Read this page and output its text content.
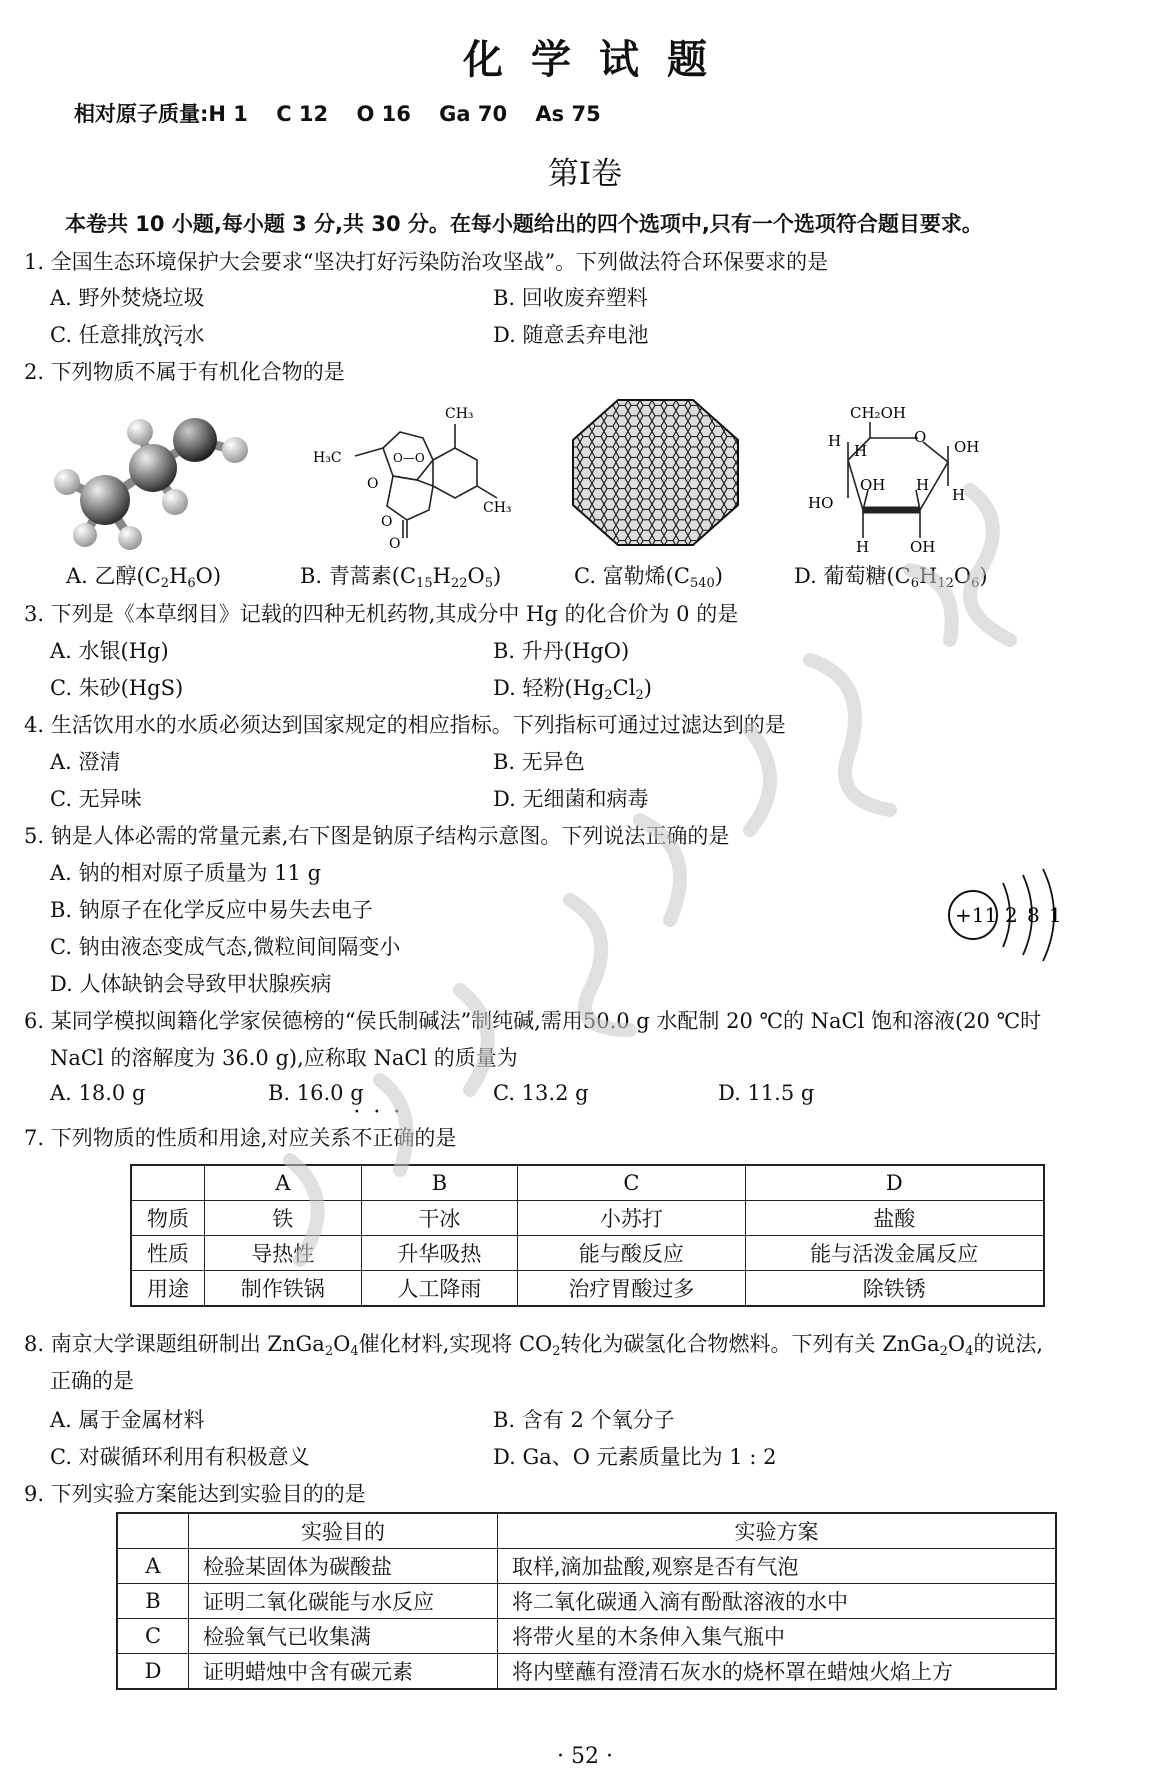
化 学 试 题
相对原子质量:H 1　 C 12　 O 16　 Ga 70　 As 75
第Ⅰ卷
本卷共 10 小题,每小题 3 分,共 30 分。在每小题给出的四个选项中,只有一个选项符合题目要求。
1. 全国生态环境保护大会要求“坚决打好污染防治攻坚战”。下列做法符合环保要求的是
A. 野外焚烧垃圾	B. 回收废弃塑料
C. 任意排放污水	D. 随意丢弃电池
2. 下列物质不属于 · · ·有机化合物的是
CH₃
H₃C	O—O
O
O
O
CH₃
CH₂OH
O
H
H	OH
H
HO
OH H
H	OH
A. 乙醇$(C_2H_6O)$	B. 青蒿素$(C_{15}H_{22}O_5)$	C. 富勒烯$(C_{540})$	D. 葡萄糖$(C_6H_{12}O_6)$
3. 下列是《本草纲目》记载的四种无机药物,其成分中 Hg 的化合价为 0 的是
A. 水银(Hg)	B. 升丹(HgO)
C. 朱砂(HgS)	D. 轻粉$(Hg_2Cl_2)$
4. 生活饮用水的水质必须达到国家规定的相应指标。下列指标可通过过滤达到的是
A. 澄清	B. 无异色
C. 无异味	D. 无细菌和病毒
5. 钠是人体必需的常量元素,右下图是钠原子结构示意图。下列说法正确的是
A. 钠的相对原子质量为 11 g
B. 钠原子在化学反应中易失去电子
C. 钠由液态变成气态,微粒间间隔变小
D. 人体缺钠会导致甲状腺疾病
+11 2 8 1
6. 某同学模拟闽籍化学家侯德榜的“侯氏制碱法”制纯碱,需用50.0 g 水配制 20 ℃的 NaCl 饱和溶液(20 ℃时
NaCl 的溶解度为 36.0 g),应称取 NaCl 的质量为
A. 18.0 g	B. 16.0 g	C. 13.2 g	D. 11.5 g
7. 下列物质的性质和用途,对应关系不正确 · · ·的是
	A	B	C	D
物质	铁	干冰	小苏打	盐酸
性质	导热性	升华吸热	能与酸反应	能与活泼金属反应
用途	制作铁锅	人工降雨	治疗胃酸过多	除铁锈
8. 南京大学课题组研制出 $ZnGa_2O_4$催化材料,实现将 $CO_2$转化为碳氢化合物燃料。下列有关 $ZnGa_2O_4$的说法,
正确的是
A. 属于金属材料	B. 含有 2 个氧分子
C. 对碳循环利用有积极意义	D. Ga、O 元素质量比为 1 : 2
9. 下列实验方案能达到实验目的的是
	实验目的	实验方案
A	检验某固体为碳酸盐	取样,滴加盐酸,观察是否有气泡
B	证明二氧化碳能与水反应	将二氧化碳通入滴有酚酞溶液的水中
C	检验氧气已收集满	将带火星的木条伸入集气瓶中
D	证明蜡烛中含有碳元素	将内壁蘸有澄清石灰水的烧杯罩在蜡烛火焰上方
· 52 ·
